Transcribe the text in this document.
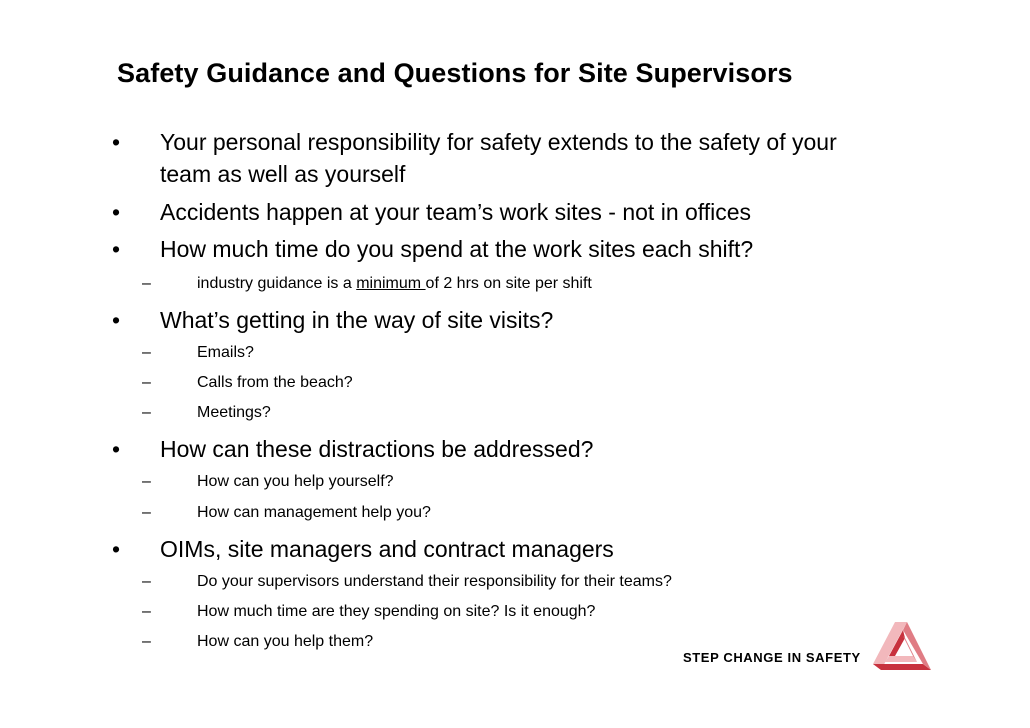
Safety Guidance and Questions for Site Supervisors
• Your personal responsibility for safety extends to the safety of your
team as well as yourself
• Accidents happen at your team’s work sites - not in offices
• How much time do you spend at the work sites each shift?
–	industry guidance is a minimum of 2 hrs on site per shift
• What’s getting in the way of site visits?
–	Emails?
–	Calls from the beach?
–	Meetings?
• How can these distractions be addressed?
–	How can you help yourself?
–	How can management help you?
• OIMs, site managers and contract managers
–	Do your supervisors understand their responsibility for their teams?
–	How much time are they spending on site? Is it enough?
–	How can you help them?
STEP CHANGE IN SAFETY
